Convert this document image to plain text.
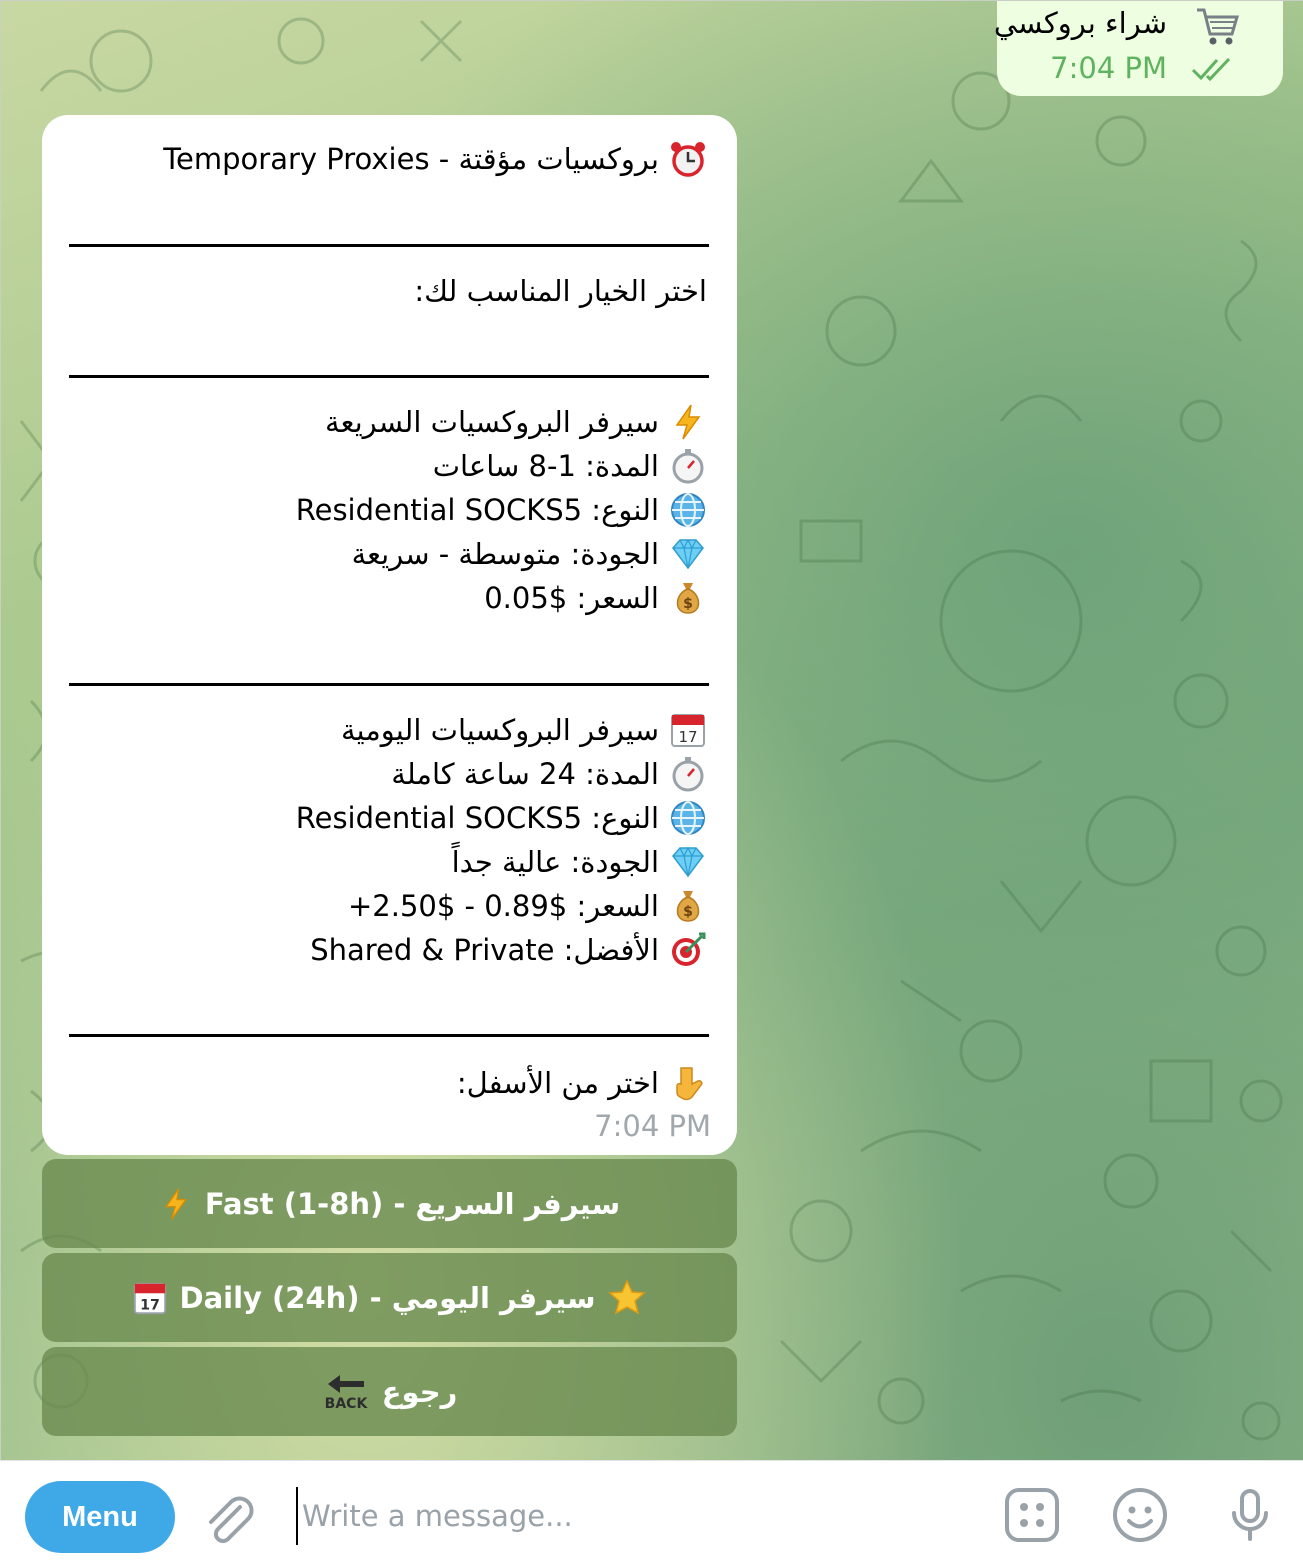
شراء بروكسي
7:04 PM
بروكسيات مؤقتة - Temporary Proxies
اختر الخيار المناسب لك:
سيرفر البروكسيات السريعة
المدة: 1-8 ساعات
النوع: Residential SOCKS5
الجودة: متوسطة - سريعة
$
السعر: $0.05
17
سيرفر البروكسيات اليومية
المدة: 24 ساعة كاملة
النوع: Residential SOCKS5
الجودة: عالية جداً
$
السعر: $0.89 - $2.50+
الأفضل: Shared & Private
اختر من الأسفل:
7:04 PM
سيرفر السريع - Fast (1-8h)
17 سيرفر اليومي - Daily (24h)
BACK رجوع
Menu
Write a message...
